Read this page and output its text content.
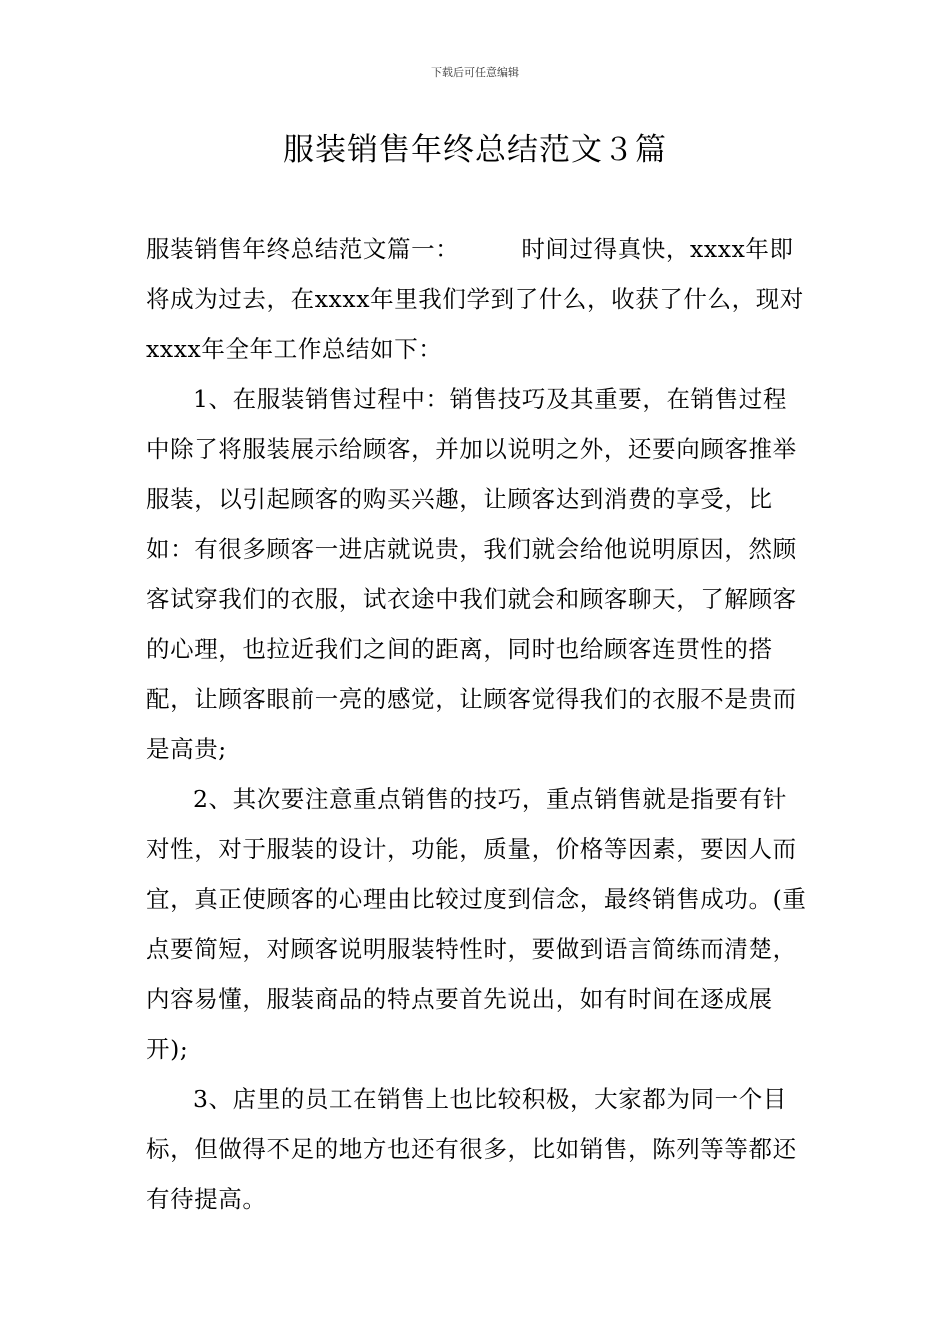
下载后可任意编辑
服装销售年终总结范文３篇

服装销售年终总结范文篇一：	时间过得真快，xxxx年即将成为过去，在xxxx年里我们学到了什么，收获了什么，现对xxxx年全年工作总结如下：

1、在服装销售过程中：销售技巧及其重要，在销售过程中除了将服装展示给顾客，并加以说明之外，还要向顾客推举服装，以引起顾客的购买兴趣，让顾客达到消费的享受，比如：有很多顾客一进店就说贵，我们就会给他说明原因，然顾客试穿我们的衣服，试衣途中我们就会和顾客聊天，了解顾客的心理，也拉近我们之间的距离，同时也给顾客连贯性的搭配，让顾客眼前一亮的感觉，让顾客觉得我们的衣服不是贵而是高贵;

2、其次要注意重点销售的技巧，重点销售就是指要有针对性，对于服装的设计，功能，质量，价格等因素，要因人而宜，真正使顾客的心理由比较过度到信念，最终销售成功。(重点要简短，对顾客说明服装特性时，要做到语言简练而清楚，内容易懂，服装商品的特点要首先说出，如有时间在逐成展开);

3、店里的员工在销售上也比较积极，大家都为同一个目标，但做得不足的地方也还有很多，比如销售，陈列等等都还有待提高。
